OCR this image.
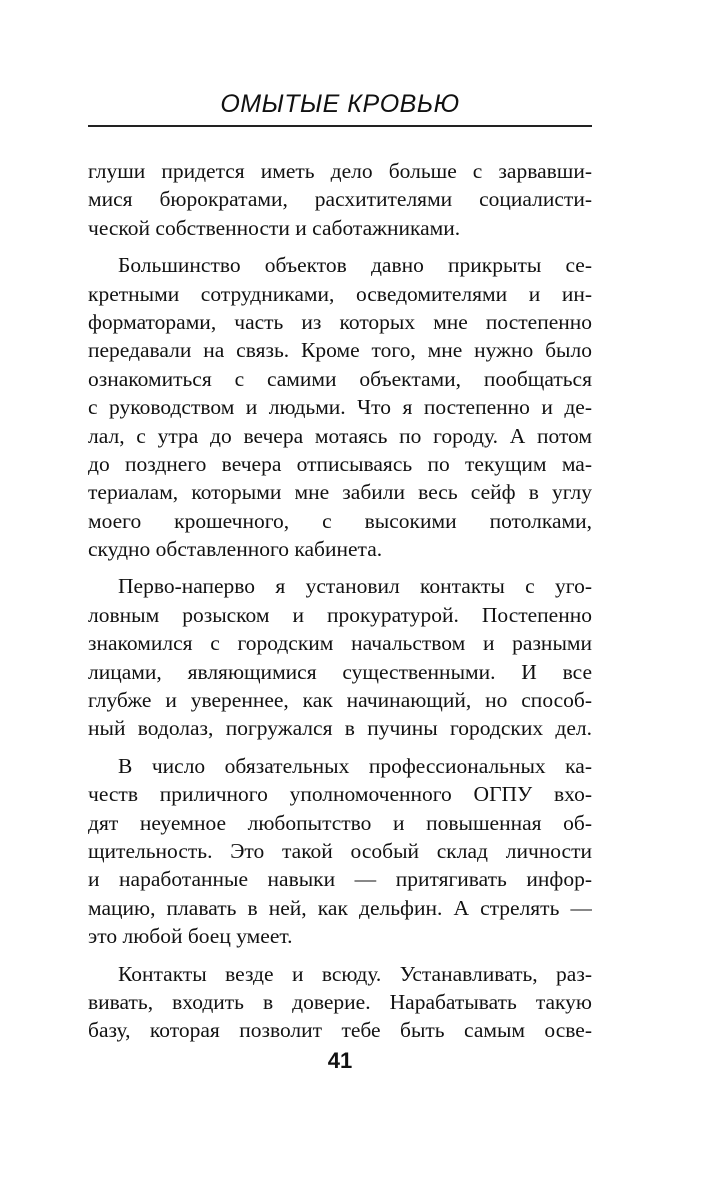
ОМЫТЫЕ КРОВЬЮ
глуши придется иметь дело больше с зарвавши-
мися бюрократами, расхитителями социалисти-
ческой собственности и саботажниками.
Большинство объектов давно прикрыты се-
кретными сотрудниками, осведомителями и ин-
форматорами, часть из которых мне постепенно
передавали на связь. Кроме того, мне нужно было
ознакомиться с самими объектами, пообщаться
с руководством и людьми. Что я постепенно и де-
лал, с утра до вечера мотаясь по городу. А потом
до позднего вечера отписываясь по текущим ма-
териалам, которыми мне забили весь сейф в углу
моего крошечного, с высокими потолками,
скудно обставленного кабинета.
Перво-наперво я установил контакты с уго-
ловным розыском и прокуратурой. Постепенно
знакомился с городским начальством и разными
лицами, являющимися существенными. И все
глубже и увереннее, как начинающий, но способ-
ный водолаз, погружался в пучины городских дел.
В число обязательных профессиональных ка-
честв приличного уполномоченного ОГПУ вхо-
дят неуемное любопытство и повышенная об-
щительность. Это такой особый склад личности
и наработанные навыки — притягивать инфор-
мацию, плавать в ней, как дельфин. А стрелять —
это любой боец умеет.
Контакты везде и всюду. Устанавливать, раз-
вивать, входить в доверие. Нарабатывать такую
базу, которая позволит тебе быть самым осве-
41
